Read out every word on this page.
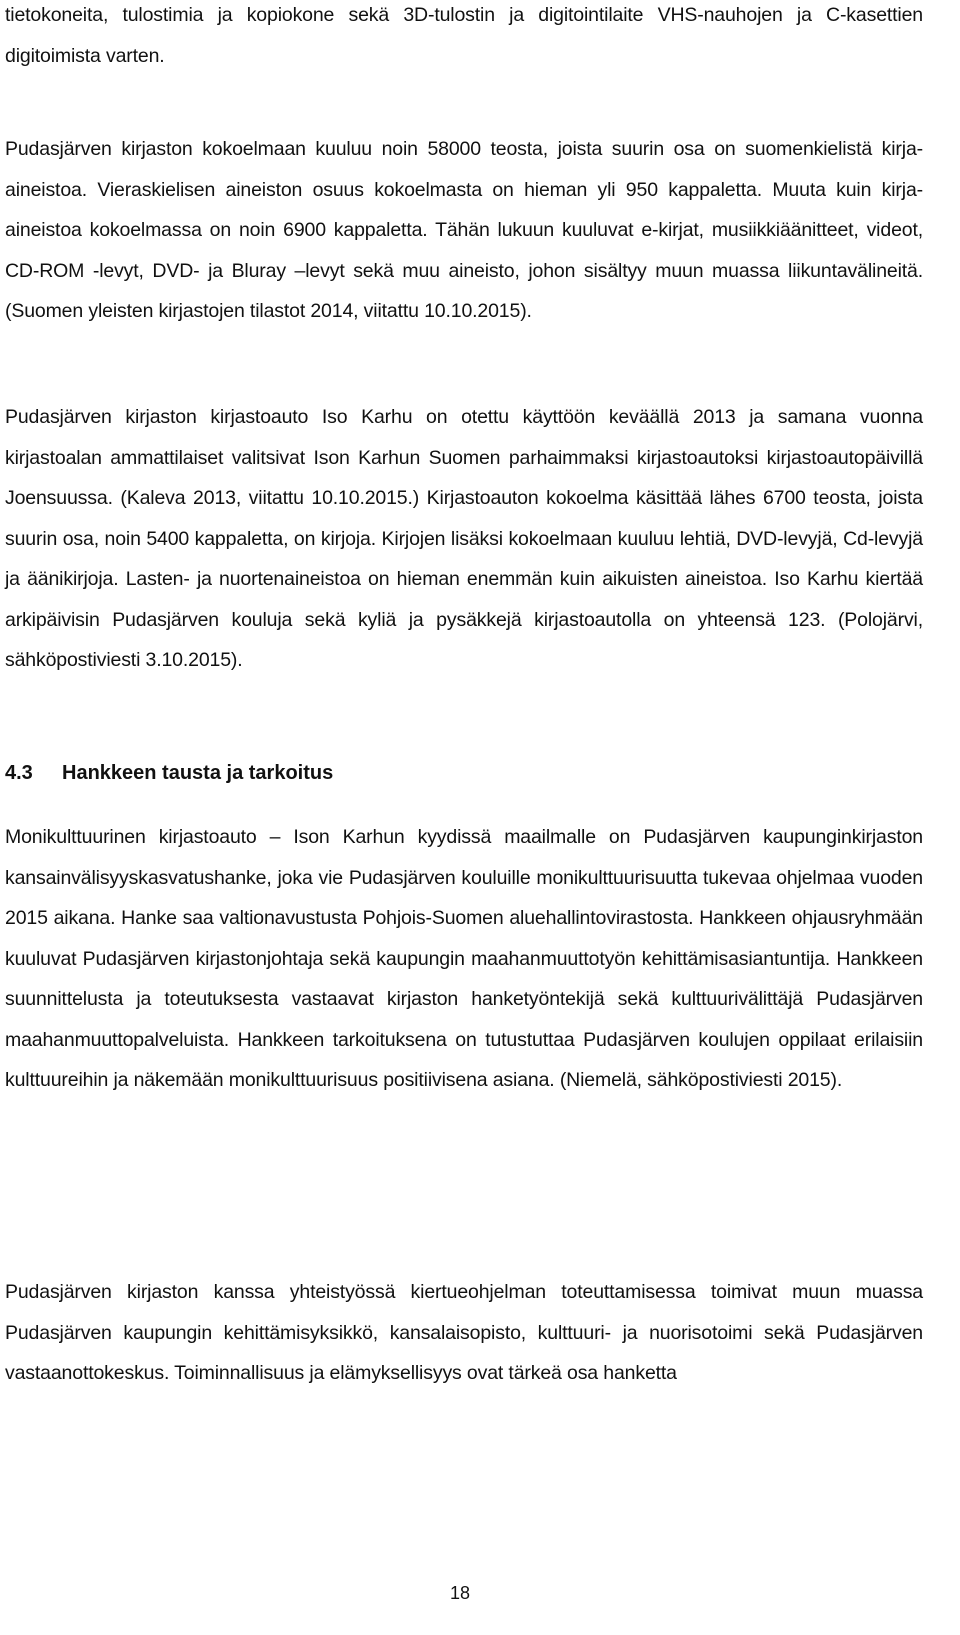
tietokoneita, tulostimia ja kopiokone sekä 3D-tulostin ja digitointilaite VHS-nauhojen ja C-kasettien digitoimista varten.

Pudasjärven kirjaston kokoelmaan kuuluu noin 58000 teosta, joista suurin osa on suomenkielistä kirja-aineistoa. Vieraskielisen aineiston osuus kokoelmasta on hieman yli 950 kappaletta. Muuta kuin kirja-aineistoa kokoelmassa on noin 6900 kappaletta. Tähän lukuun kuuluvat e-kirjat, musiikkiäänitteet, videot, CD-ROM -levyt, DVD- ja Bluray –levyt sekä muu aineisto, johon sisältyy muun muassa liikuntavälineitä. (Suomen yleisten kirjastojen tilastot 2014, viitattu 10.10.2015).

Pudasjärven kirjaston kirjastoauto Iso Karhu on otettu käyttöön keväällä 2013 ja samana vuonna kirjastoalan ammattilaiset valitsivat Ison Karhun Suomen parhaimmaksi kirjastoautoksi kirjastoautopäivillä Joensuussa. (Kaleva 2013, viitattu 10.10.2015.) Kirjastoauton kokoelma käsittää lähes 6700 teosta, joista suurin osa, noin 5400 kappaletta, on kirjoja. Kirjojen lisäksi kokoelmaan kuuluu lehtiä, DVD-levyjä, Cd-levyjä ja äänikirjoja. Lasten- ja nuortenaineistoa on hieman enemmän kuin aikuisten aineistoa. Iso Karhu kiertää arkipäivisin Pudasjärven kouluja sekä kyliä ja pysäkkejä kirjastoautolla on yhteensä 123. (Polojärvi, sähköpostiviesti 3.10.2015).

4.3 Hankkeen tausta ja tarkoitus

Monikulttuurinen kirjastoauto – Ison Karhun kyydissä maailmalle on Pudasjärven kaupunginkirjaston kansainvälisyyskasvatushanke, joka vie Pudasjärven kouluille monikulttuurisuutta tukevaa ohjelmaa vuoden 2015 aikana. Hanke saa valtionavustusta Pohjois-Suomen aluehallintovirastosta. Hankkeen ohjausryhmään kuuluvat Pudasjärven kirjastonjohtaja sekä kaupungin maahanmuuttotyön kehittämisasiantuntija. Hankkeen suunnittelusta ja toteutuksesta vastaavat kirjaston hanketyöntekijä sekä kulttuurivälittäjä Pudasjärven maahanmuuttopalveluista. Hankkeen tarkoituksena on tutustuttaa Pudasjärven koulujen oppilaat erilaisiin kulttuureihin ja näkemään monikulttuurisuus positiivisena asiana. (Niemelä, sähköpostiviesti 2015).

Pudasjärven kirjaston kanssa yhteistyössä kiertueohjelman toteuttamisessa toimivat muun muassa Pudasjärven kaupungin kehittämisyksikkö, kansalaisopisto, kulttuuri- ja nuorisotoimi sekä Pudasjärven vastaanottokeskus. Toiminnallisuus ja elämyksellisyys ovat tärkeä osa hanketta

18
